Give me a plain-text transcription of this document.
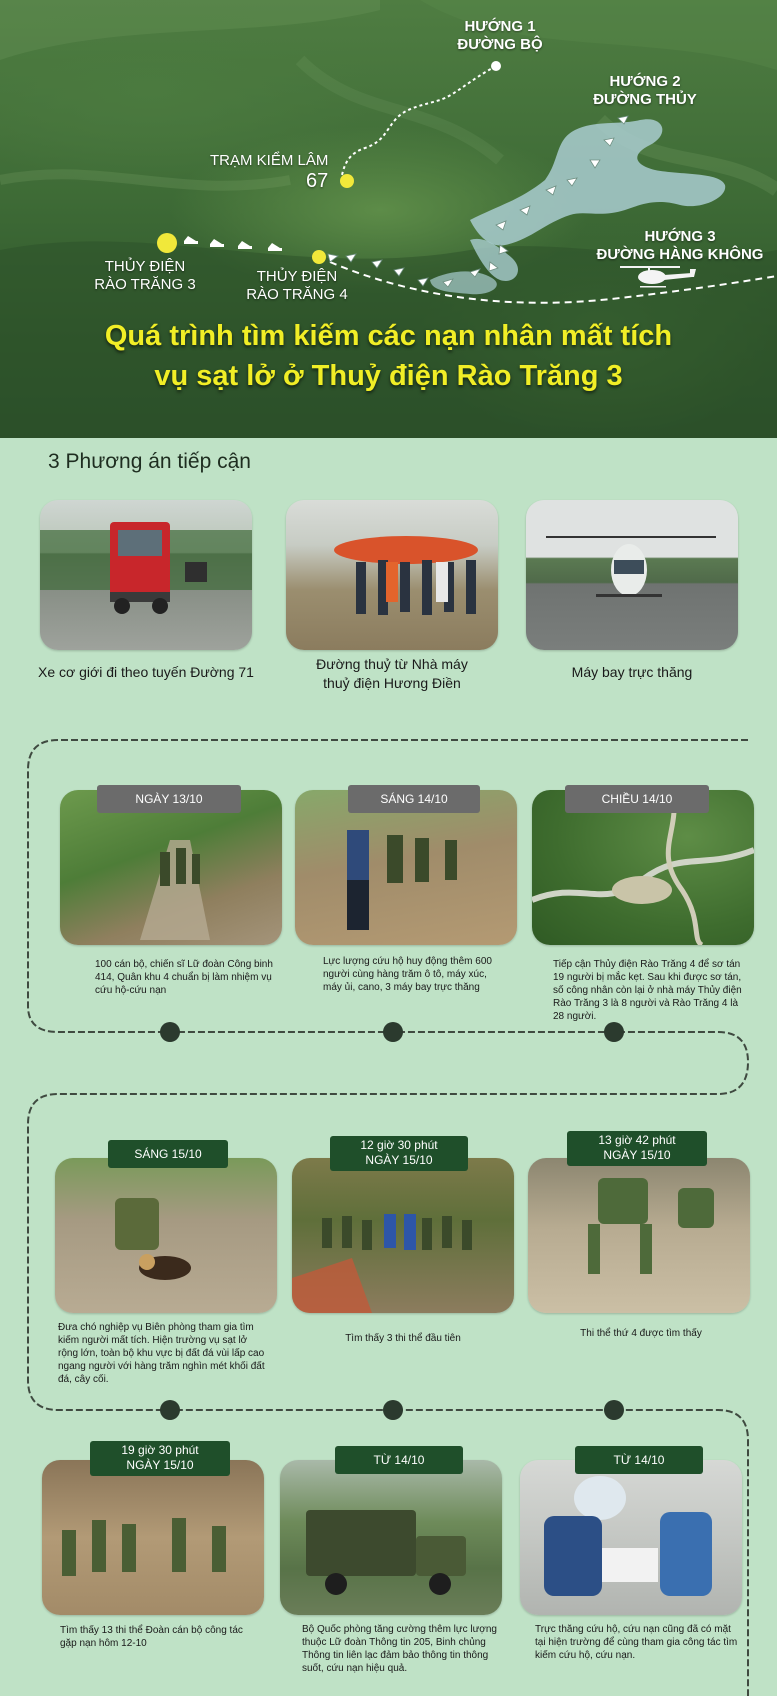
HƯỚNG 1
ĐƯỜNG BỘ
HƯỚNG 2
ĐƯỜNG THỦY
HƯỚNG 3
ĐƯỜNG HÀNG KHÔNG
TRẠM KIỂM LÂM
67
THỦY ĐIỆN
RÀO TRĂNG 3	THỦY ĐIỆN
RÀO TRĂNG 4
Quá trình tìm kiếm các nạn nhân mất tích
vụ sạt lở ở Thuỷ điện Rào Trăng 3
3 Phương án tiếp cận
Xe cơ giới đi theo tuyến Đường 71	Đường thuỷ từ Nhà máy
thuỷ điện Hương Điền
Máy bay trực thăng
NGÀY 13/10	SÁNG 14/10	CHIỀU 14/10
100 cán bộ, chiến sĩ Lữ đoàn Công binh 414, Quân khu 4 chuẩn bị làm nhiệm vụ cứu hộ-cứu nạn
Lực lượng cứu hộ huy động thêm 600 người cùng hàng trăm ô tô, máy xúc, máy ủi, cano, 3 máy bay trực thăng
Tiếp cận Thủy điện Rào Trăng 4 để sơ tán 19 người bị mắc kẹt. Sau khi được sơ tán, số công nhân còn lại ở nhà máy Thủy điện Rào Trăng 3 là 8 người và Rào Trăng 4 là 28 người.
SÁNG 15/10
12 giờ 30 phút
NGÀY 15/10
13 giờ 42 phút
NGÀY 15/10
Đưa chó nghiệp vụ Biên phòng tham gia tìm kiếm người mất tích. Hiện trường vụ sạt lở rộng lớn, toàn bộ khu vực bị đất đá vùi lấp cao ngang người với hàng trăm nghìn mét khối đất đá, cây cối.
Tìm thấy 3 thi thể đầu tiên	Thi thể thứ 4 được tìm thấy
19 giờ 30 phút
NGÀY 15/10	TỪ 14/10	TỪ 14/10
Tìm thấy 13 thi thể Đoàn cán bộ công tác gặp nạn hôm 12-10
Bộ Quốc phòng tăng cường thêm lực lượng thuộc Lữ đoàn Thông tin 205, Binh chủng Thông tin liên lạc đảm bảo thông tin thông suốt, cứu nạn hiệu quả.
Trực thăng cứu hộ, cứu nạn cũng đã có mặt tại hiện trường để cùng tham gia công tác tìm kiếm cứu hộ, cứu nạn.
